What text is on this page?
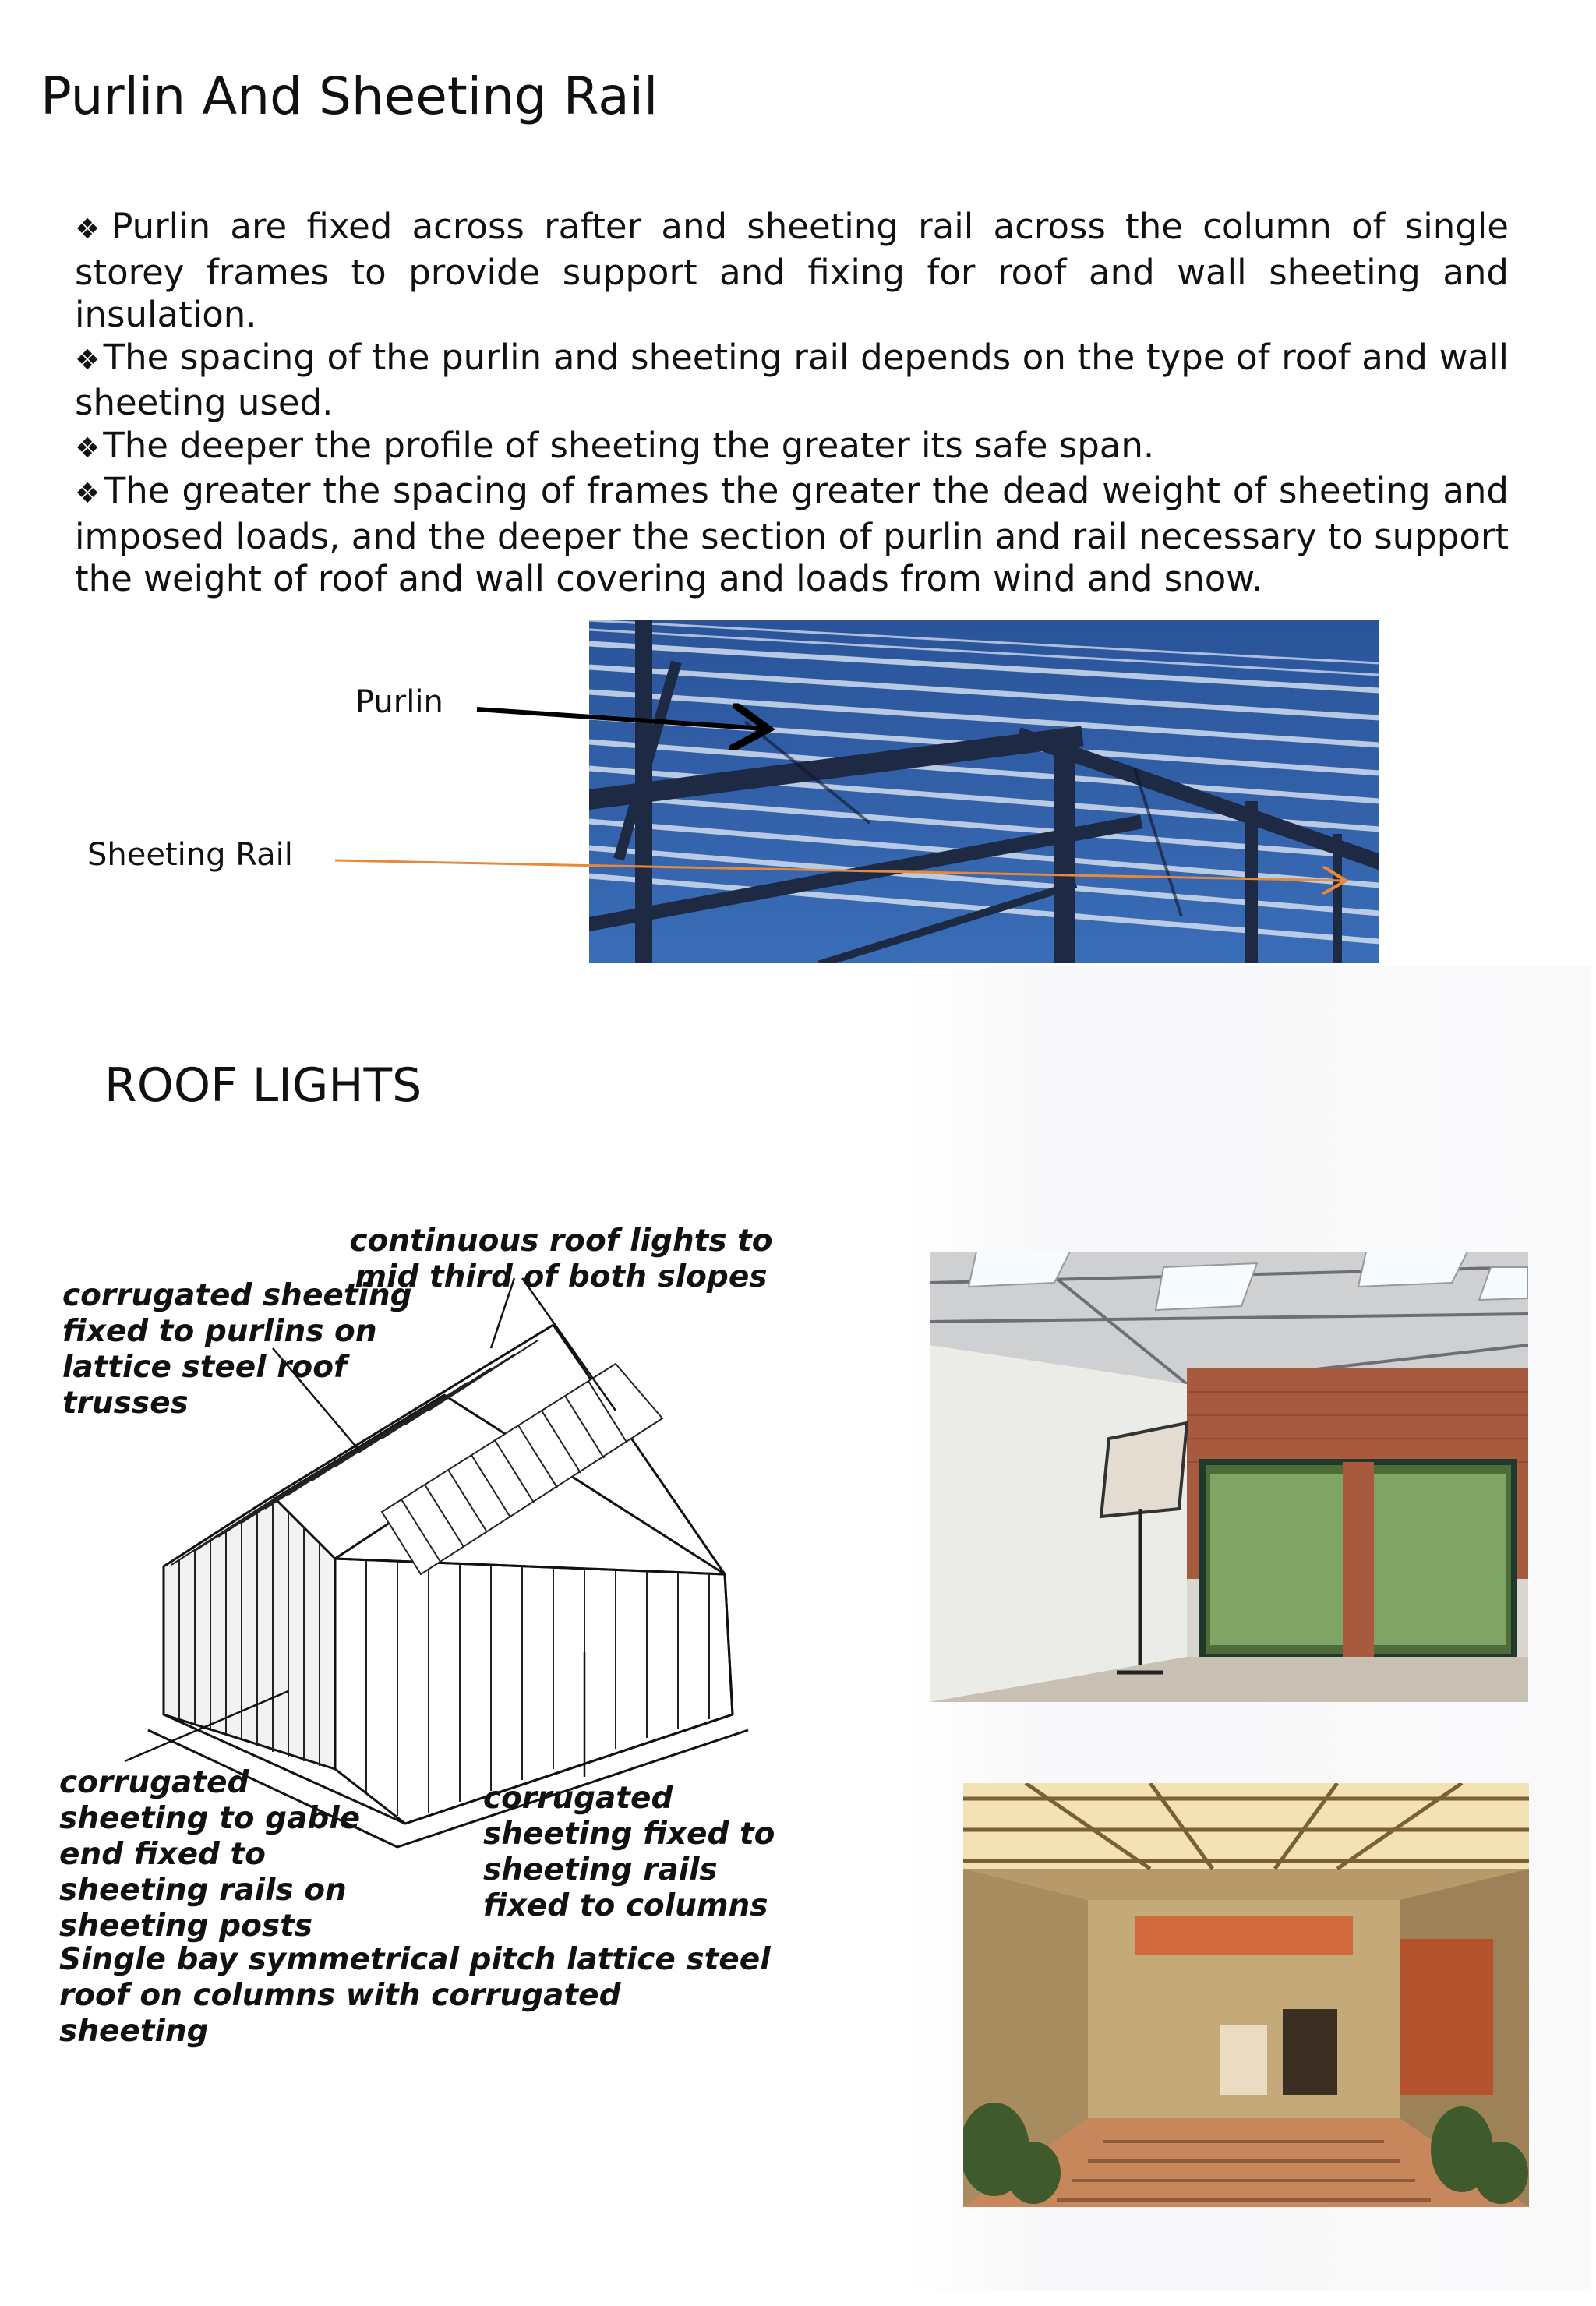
Purlin And Sheeting Rail
❖Purlin are fixed across rafter and sheeting rail across the column of single storey frames to provide support and fixing for roof and wall sheeting and insulation.
❖The spacing of the purlin and sheeting rail depends on the type of roof and wall sheeting used.
❖The deeper the profile of sheeting the greater its safe span.
❖The greater the spacing of frames the greater the dead weight of sheeting and imposed loads, and the deeper the section of purlin and rail necessary to support the weight of roof and wall covering and loads from wind and snow.
Purlin
Sheeting Rail
ROOF LIGHTS
continuous roof lights to mid third of both slopes
corrugated sheeting fixed to purlins on lattice steel roof trusses
corrugated sheeting to gable end fixed to sheeting rails on sheeting posts
corrugated sheeting fixed to sheeting rails fixed to columns
Single bay symmetrical pitch lattice steel roof on columns with corrugated sheeting
